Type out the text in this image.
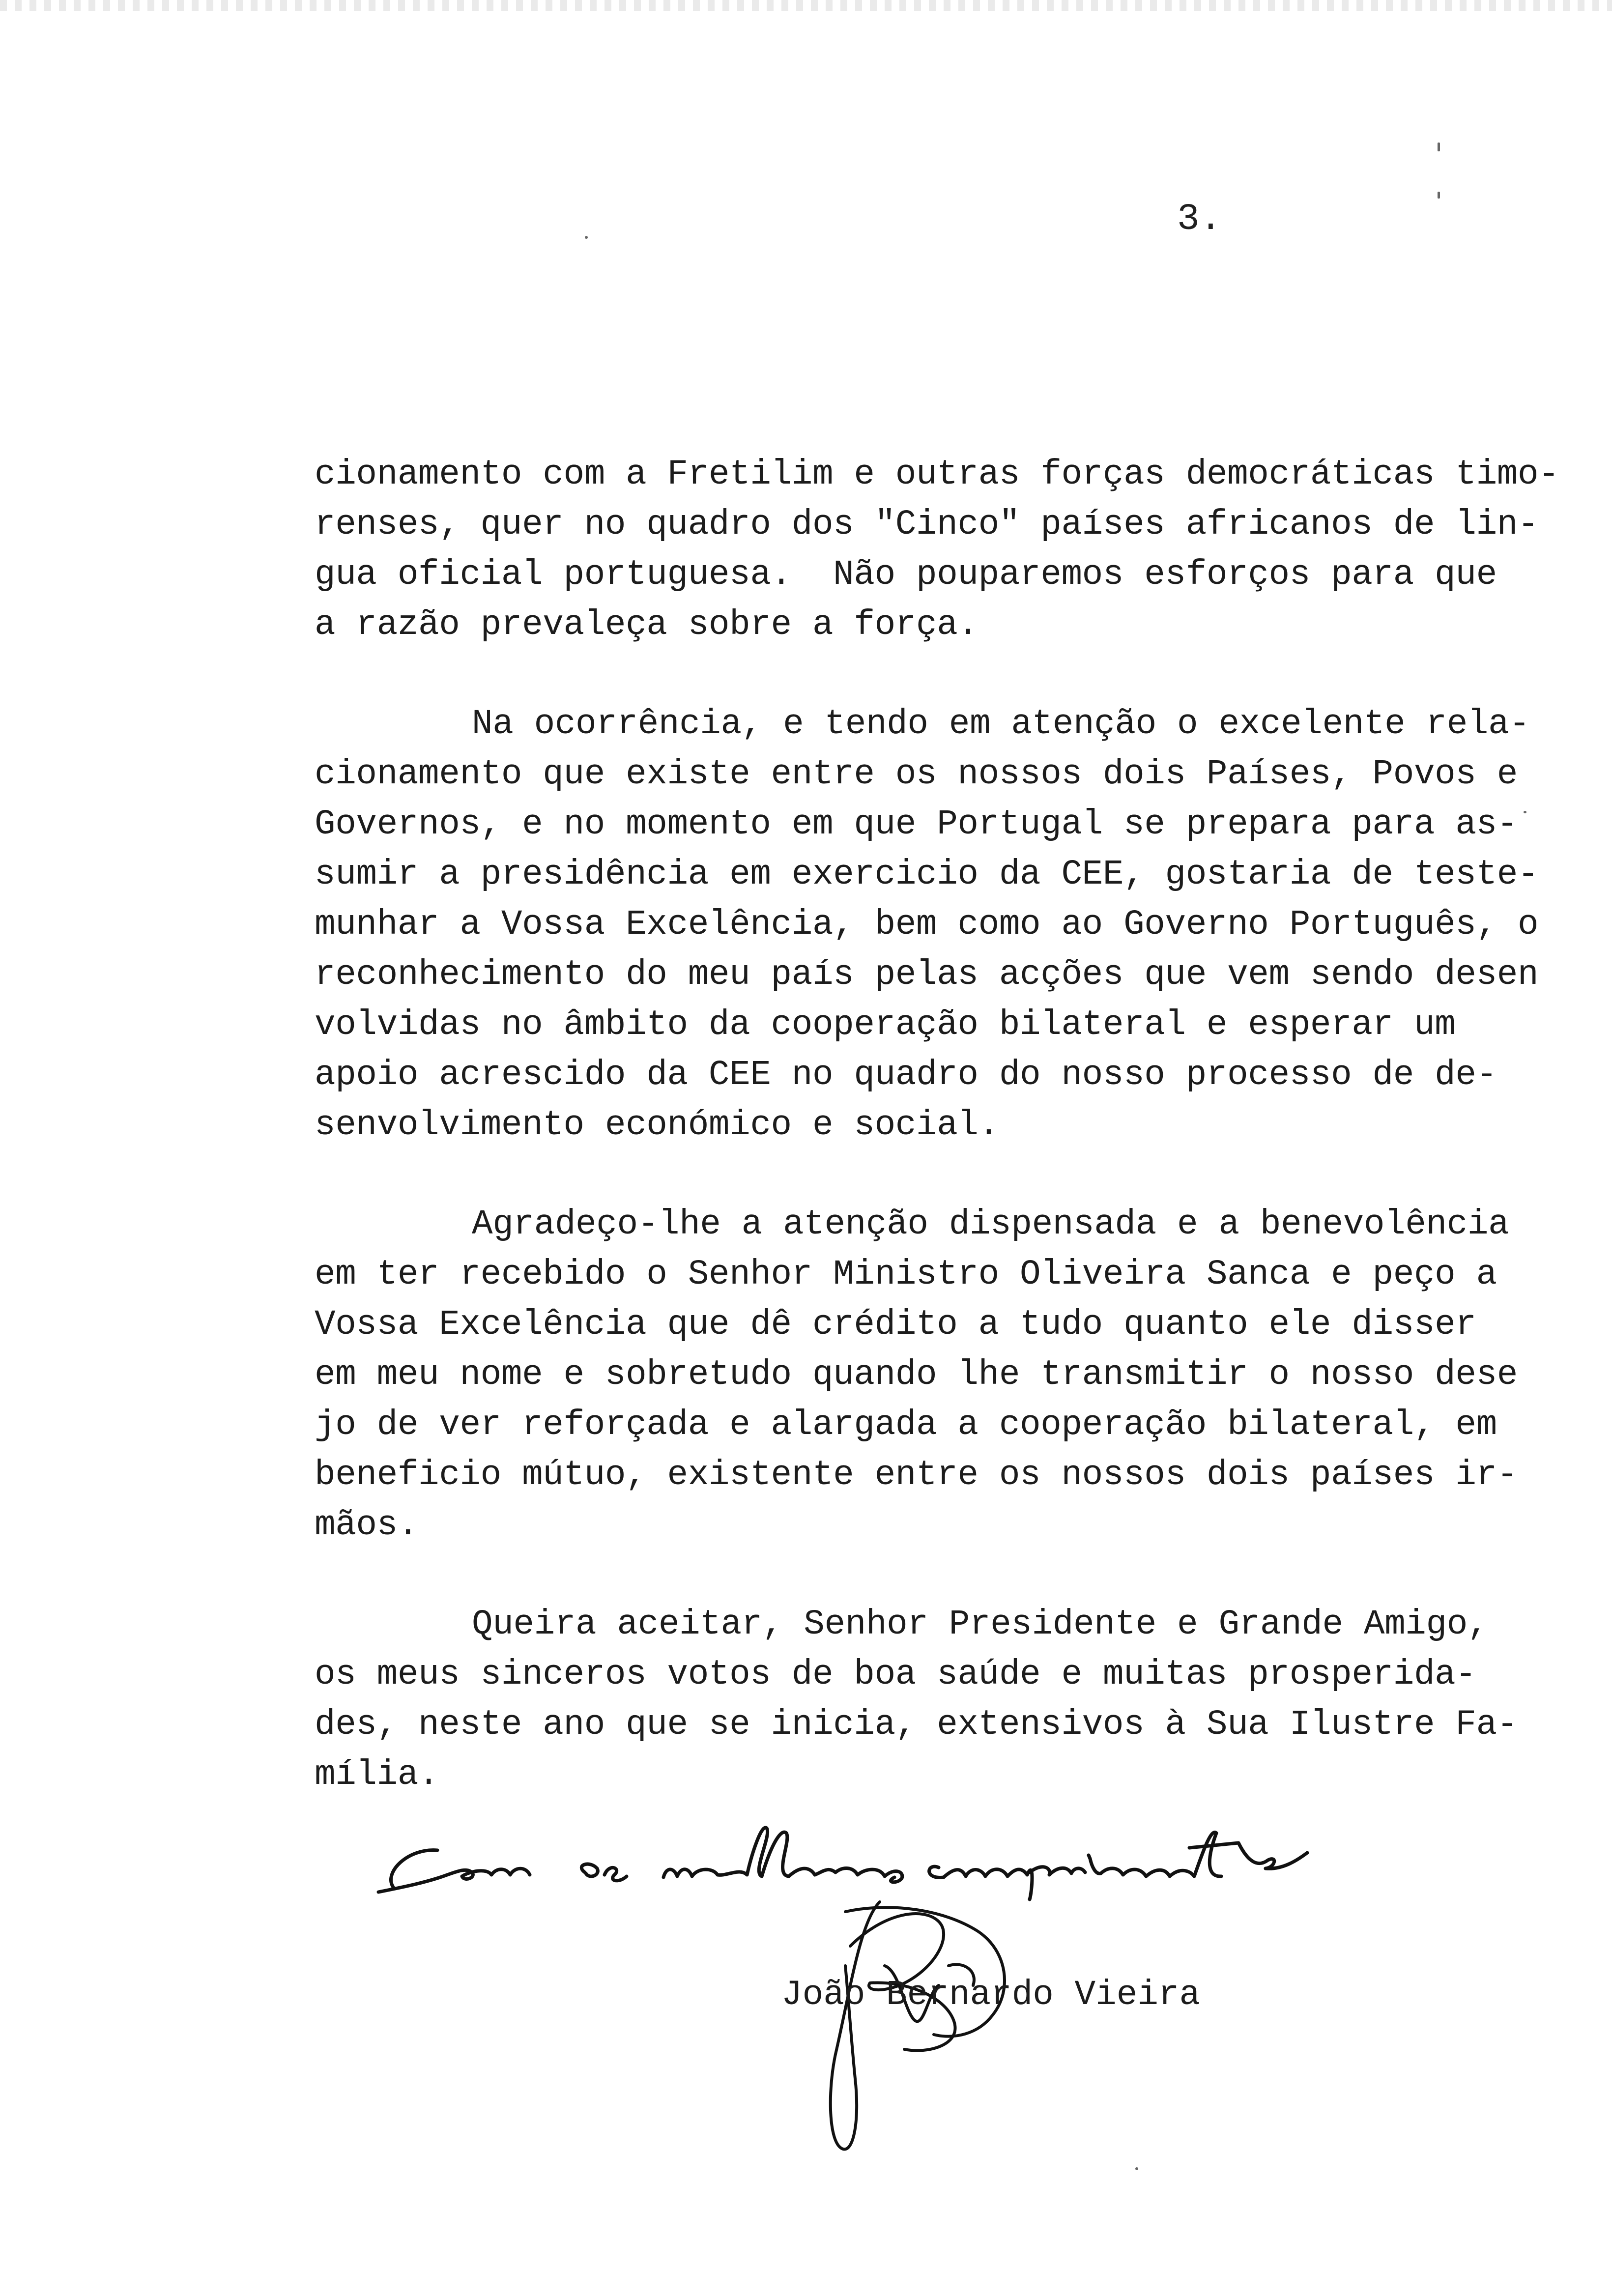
3.
cionamento com a Fretilim e outras forças democráticas timo-
renses, quer no quadro dos "Cinco" países africanos de lin-
gua oficial portuguesa.  Não pouparemos esforços para que
a razão prevaleça sobre a força.
Na ocorrência, e tendo em atenção o excelente rela-
cionamento que existe entre os nossos dois Países, Povos e
Governos, e no momento em que Portugal se prepara para as-
sumir a presidência em exercicio da CEE, gostaria de teste-
munhar a Vossa Excelência, bem como ao Governo Português, o
reconhecimento do meu país pelas acções que vem sendo desen
volvidas no âmbito da cooperação bilateral e esperar um
apoio acrescido da CEE no quadro do nosso processo de de-
senvolvimento económico e social.
Agradeço-lhe a atenção dispensada e a benevolência
em ter recebido o Senhor Ministro Oliveira Sanca e peço a
Vossa Excelência que dê crédito a tudo quanto ele disser
em meu nome e sobretudo quando lhe transmitir o nosso dese
jo de ver reforçada e alargada a cooperação bilateral, em
beneficio mútuo, existente entre os nossos dois países ir-
mãos.
Queira aceitar, Senhor Presidente e Grande Amigo,
os meus sinceros votos de boa saúde e muitas prosperida-
des, neste ano que se inicia, extensivos à Sua Ilustre Fa-
mília.
João Bernardo Vieira
